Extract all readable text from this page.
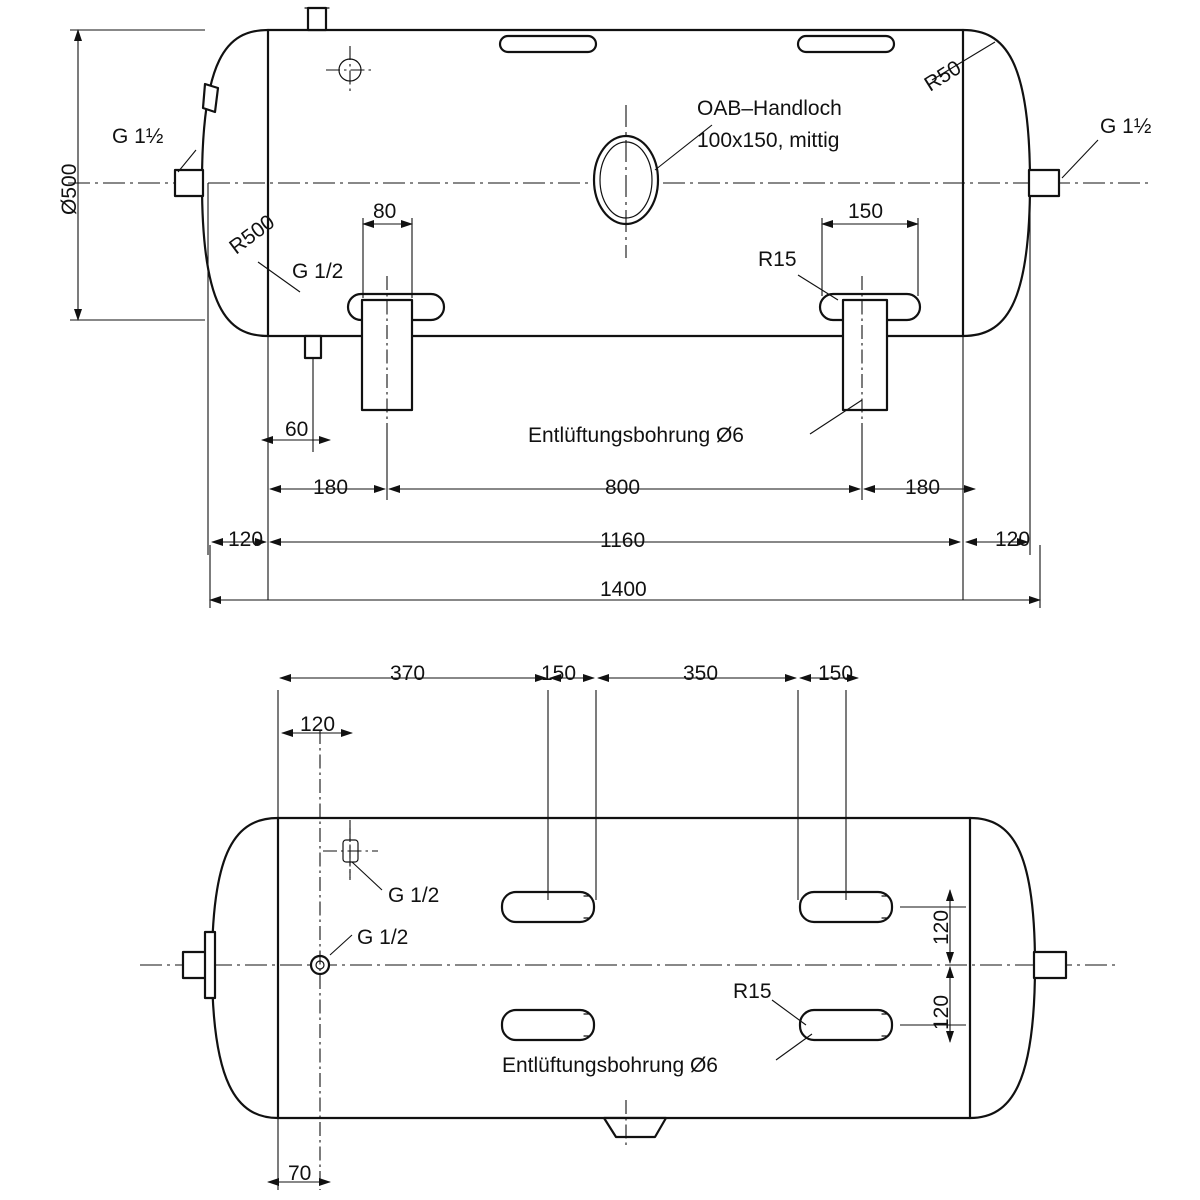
Ø500
G 1½	G 1½
R50
R500
G 1/2
OAB–Handloch
100x150, mittig
80	150
R15
Entlüftungsbohrung Ø6
60
180	800	180
120	1160	120
1400
370	150	350	150
120
G 1/2
G 1/2	120
120
R15
Entlüftungsbohrung Ø6
70
